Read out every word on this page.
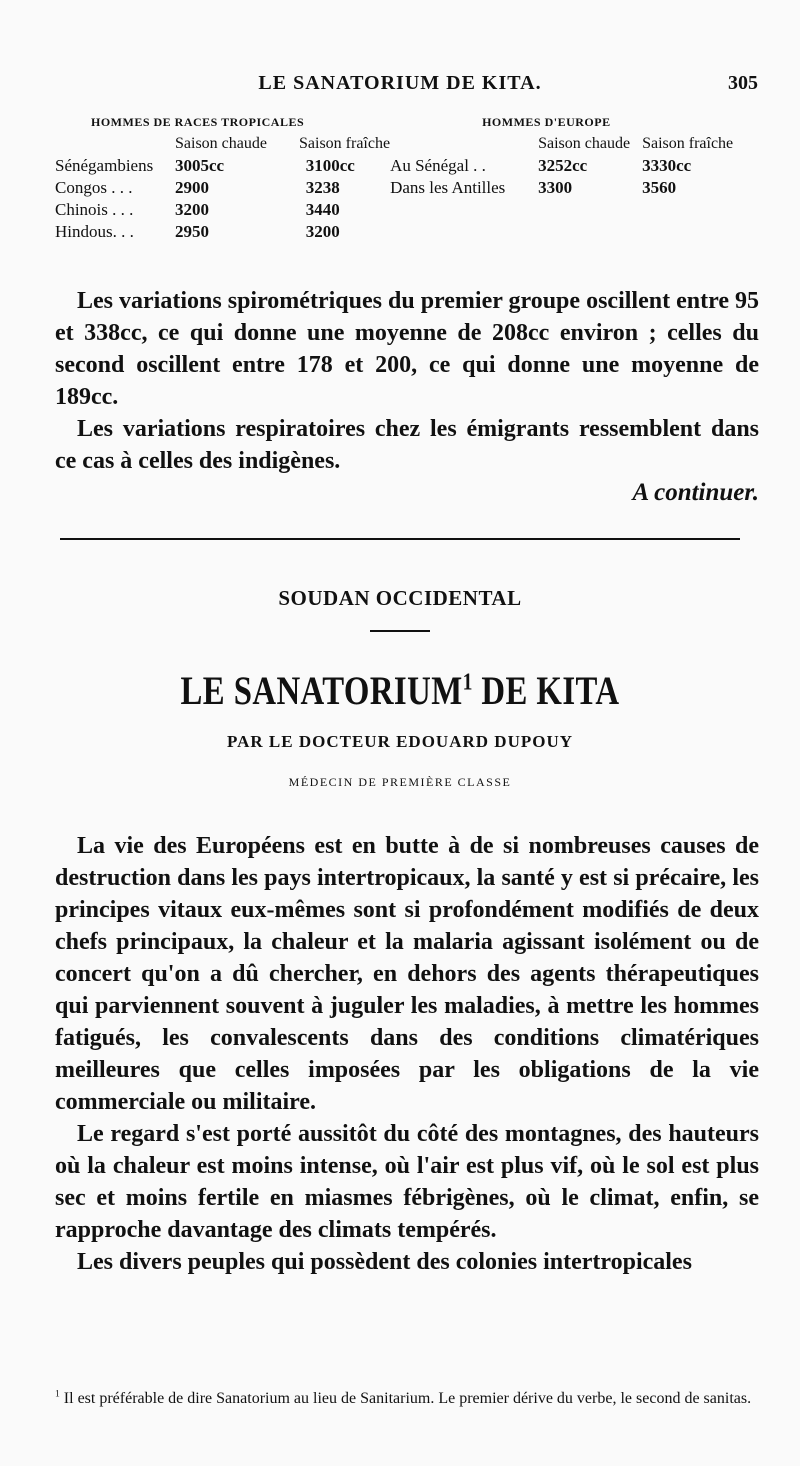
LE SANATORIUM DE KITA.	305
HOMMES DE RACES TROPICALES			HOMMES D'EUROPE		
	Saison chaude Saison fraîche			Saison chaude Saison fraîche	
Sénégambiens	3005cc	3100cc	Au Sénégal . .	3252cc	3330cc
Congos . . .	2900	3238	Dans les Antilles	3300	3560
Chinois . . .	3200	3440			
Hindous. . .	2950	3200			

Les variations spirométriques du premier groupe oscillent entre 95 et 338cc, ce qui donne une moyenne de 208cc environ ; celles du second oscillent entre 178 et 200, ce qui donne une moyenne de 189cc.

Les variations respiratoires chez les émigrants ressemblent dans ce cas à celles des indigènes.

A continuer.
SOUDAN OCCIDENTAL
LE SANATORIUM$^1$ DE KITA
PAR LE DOCTEUR EDOUARD DUPOUY
MÉDECIN DE PREMIÈRE CLASSE

La vie des Européens est en butte à de si nombreuses causes de destruction dans les pays intertropicaux, la santé y est si précaire, les principes vitaux eux-mêmes sont si profondément modifiés de deux chefs principaux, la chaleur et la malaria agissant isolément ou de concert qu'on a dû chercher, en dehors des agents thérapeutiques qui parviennent souvent à juguler les maladies, à mettre les hommes fatigués, les convalescents dans des conditions climatériques meilleures que celles imposées par les obligations de la vie commerciale ou militaire.

Le regard s'est porté aussitôt du côté des montagnes, des hauteurs où la chaleur est moins intense, où l'air est plus vif, où le sol est plus sec et moins fertile en miasmes fébrigènes, où le climat, enfin, se rapproche davantage des climats tempérés.

Les divers peuples qui possèdent des colonies intertropicales

$^1$ Il est préférable de dire Sanatorium au lieu de Sanitarium. Le premier dérive du verbe, le second de sanitas.
